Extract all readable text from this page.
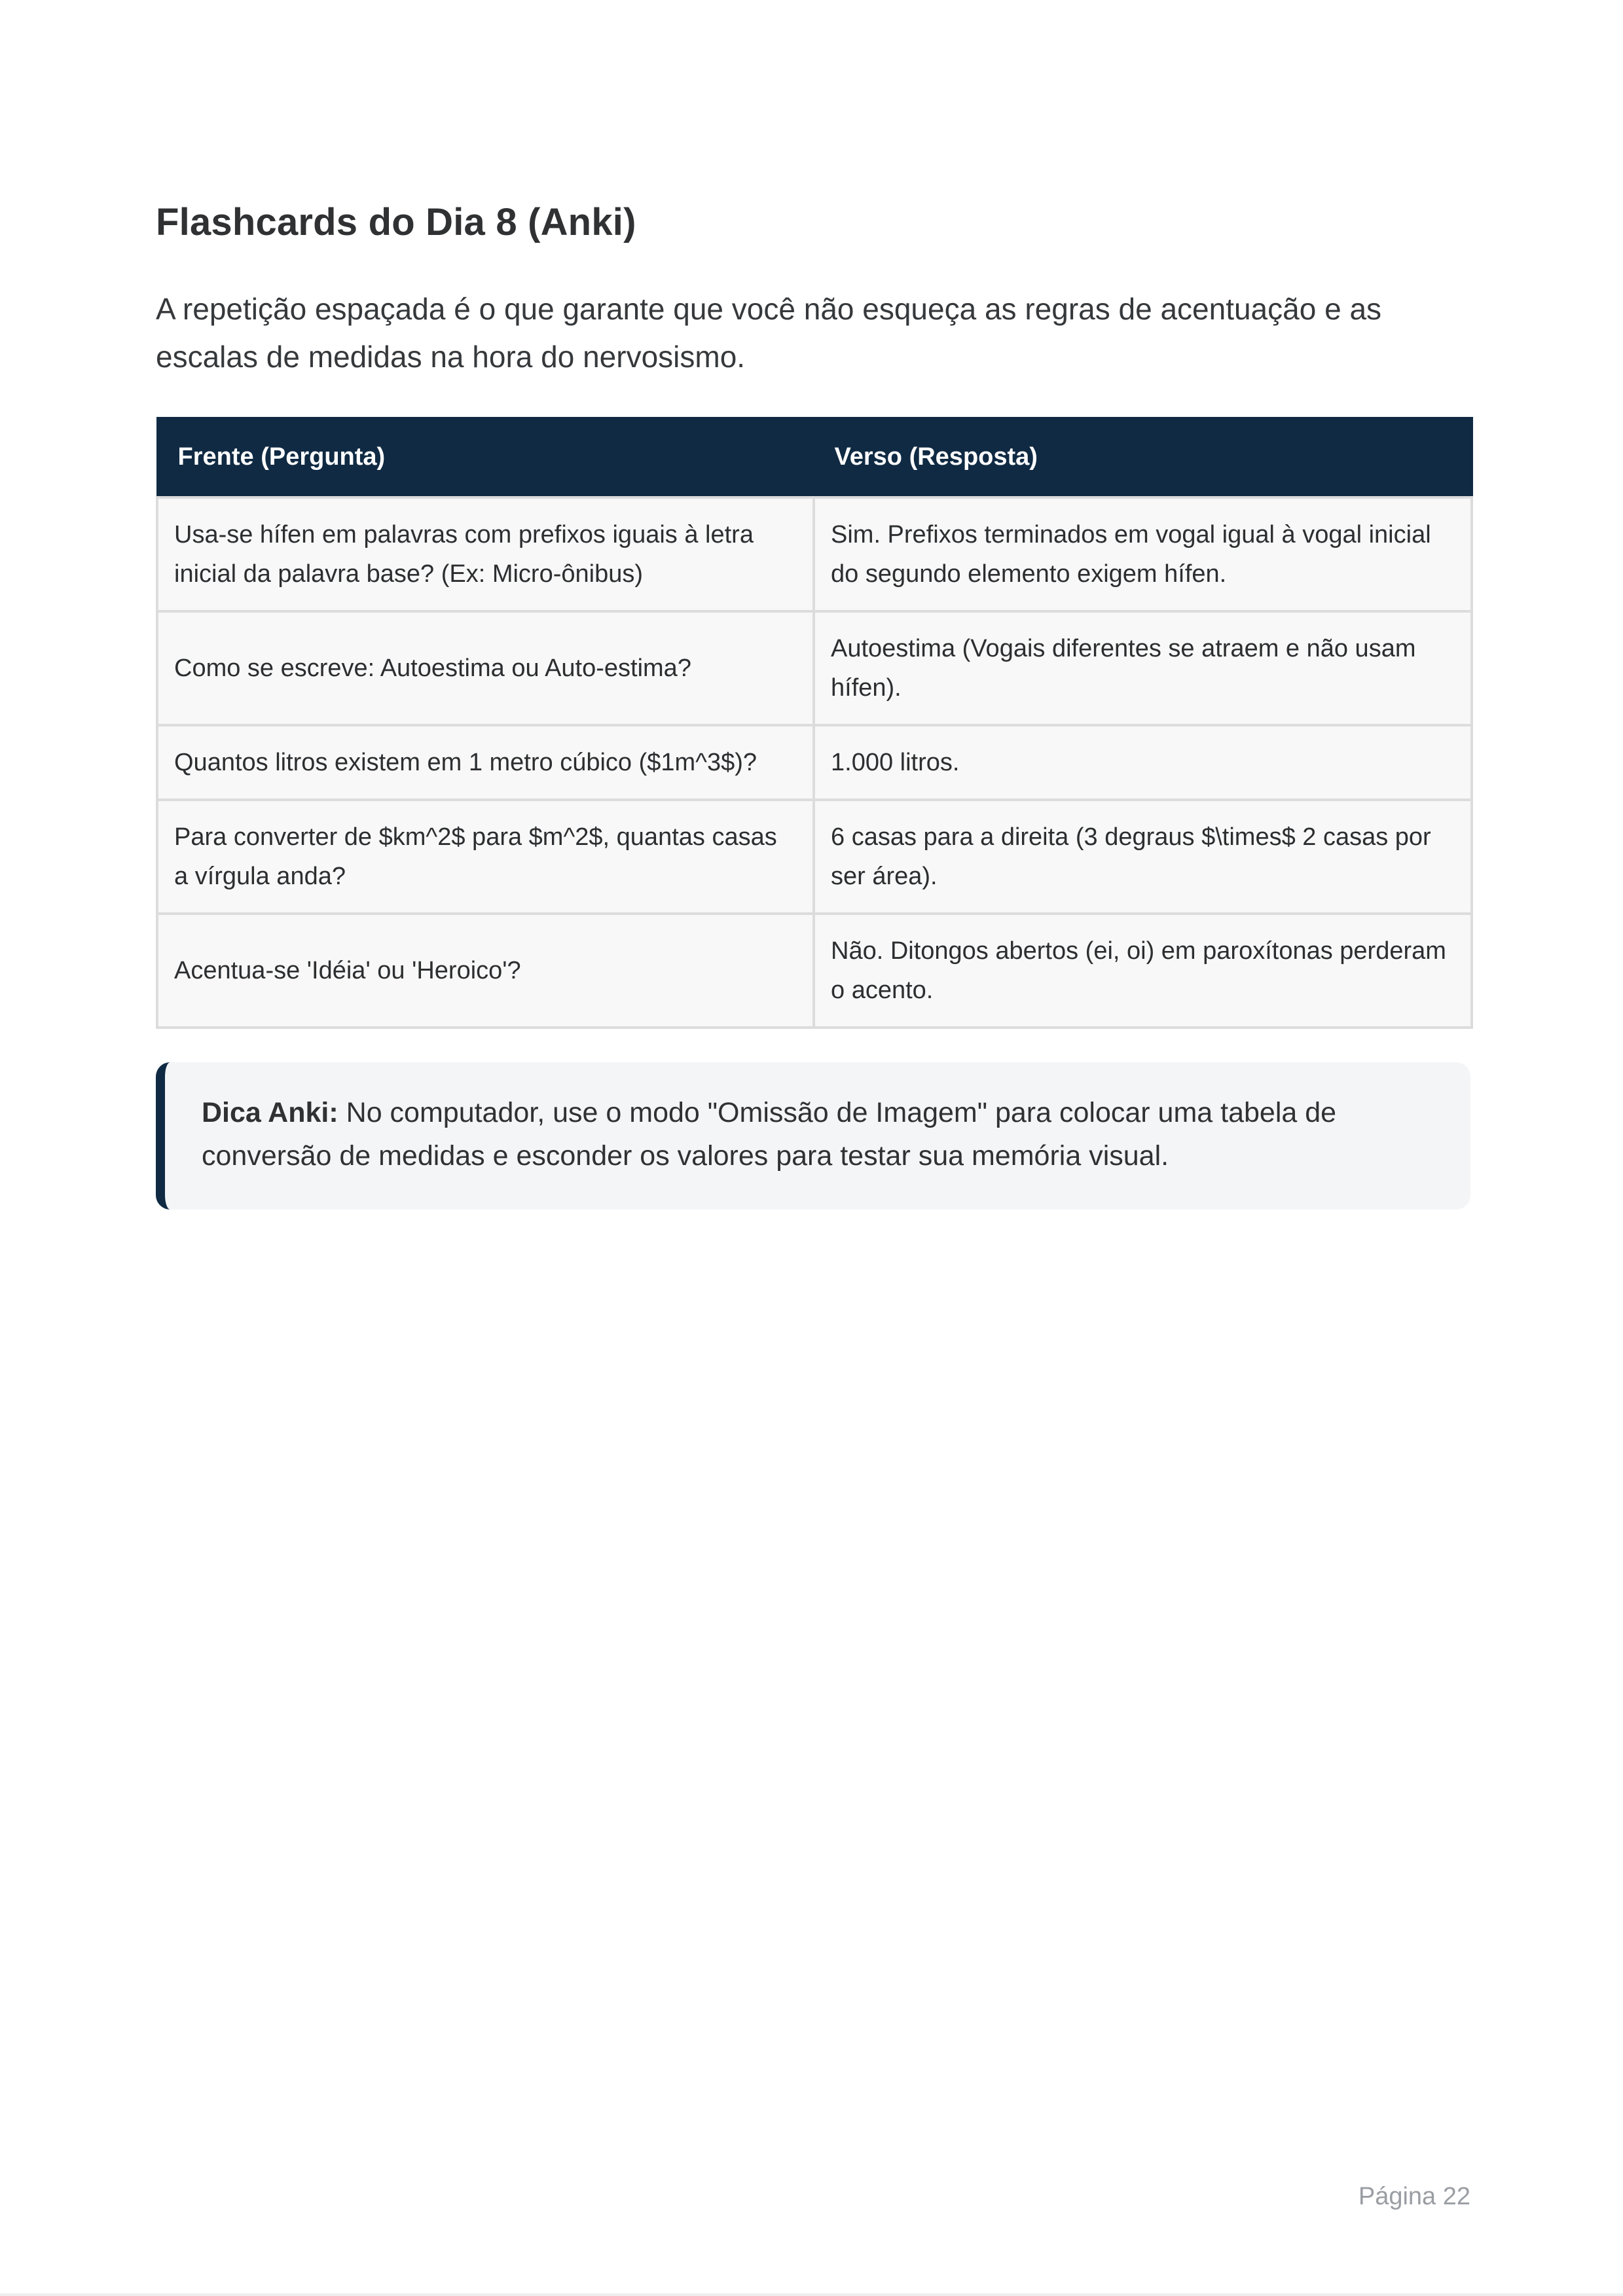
Flashcards do Dia 8 (Anki)

A repetição espaçada é o que garante que você não esqueça as regras de acentuação e as escalas de medidas na hora do nervosismo.

Frente (Pergunta)	Verso (Resposta)
Usa-se hífen em palavras com prefixos iguais à letra inicial da palavra base? (Ex: Micro-ônibus)	Sim. Prefixos terminados em vogal igual à vogal inicial do segundo elemento exigem hífen.
Como se escreve: Autoestima ou Auto-estima?	Autoestima (Vogais diferentes se atraem e não usam hífen).
Quantos litros existem em 1 metro cúbico ($1m^3$)?	1.000 litros.
Para converter de $km^2$ para $m^2$, quantas casas a vírgula anda?	6 casas para a direita (3 degraus $\times$ 2 casas por ser área).
Acentua-se 'Idéia' ou 'Heroico'?	Não. Ditongos abertos (ei, oi) em paroxítonas perderam o acento.
Dica Anki: No computador, use o modo "Omissão de Imagem" para colocar uma tabela de conversão de medidas e esconder os valores para testar sua memória visual.
Página 22
